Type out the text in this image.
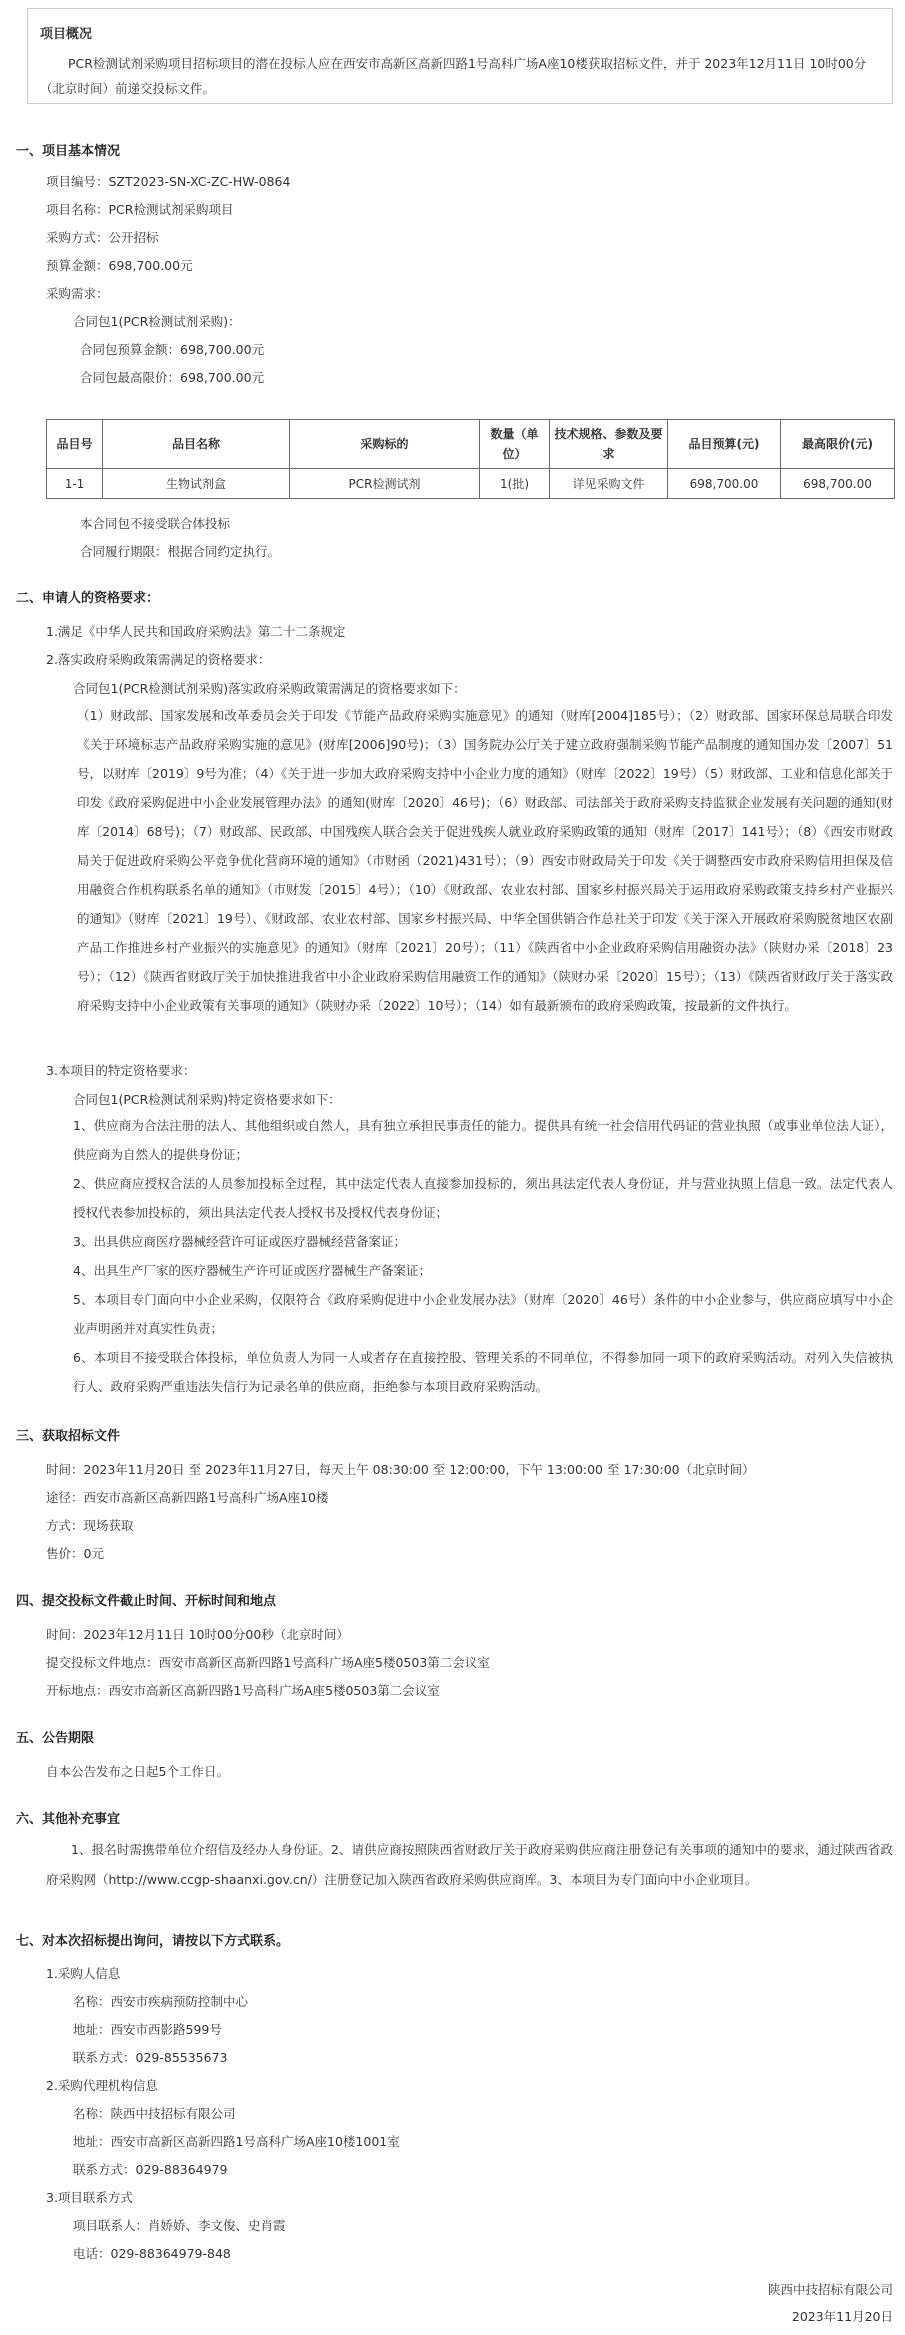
项目概况
PCR检测试剂采购项目招标项目的潜在投标人应在西安市高新区高新四路1号高科广场A座10楼获取招标文件，并于 2023年12月11日 10时00分（北京时间）前递交投标文件。
一、项目基本情况
项目编号：SZT2023-SN-XC-ZC-HW-0864
项目名称：PCR检测试剂采购项目
采购方式：公开招标
预算金额：698,700.00元
采购需求：
合同包1(PCR检测试剂采购)：
合同包预算金额：698,700.00元
合同包最高限价：698,700.00元
品目号	品目名称	采购标的	数量（单位）	技术规格、参数及要求	品目预算(元)	最高限价(元)
1-1	生物试剂盒	PCR检测试剂	1(批)	详见采购文件	698,700.00	698,700.00
本合同包不接受联合体投标
合同履行期限：根据合同约定执行。
二、申请人的资格要求：
1.满足《中华人民共和国政府采购法》第二十二条规定
2.落实政府采购政策需满足的资格要求：
合同包1(PCR检测试剂采购)落实政府采购政策需满足的资格要求如下：
（1）财政部、国家发展和改革委员会关于印发《节能产品政府采购实施意见》的通知（财库[2004]185号）；（2）财政部、国家环保总局联合印发《关于环境标志产品政府采购实施的意见》(财库[2006]90号)；（3）国务院办公厅关于建立政府强制采购节能产品制度的通知国办发〔2007〕51号，以财库〔2019〕9号为准；（4）《关于进一步加大政府采购支持中小企业力度的通知》（财库〔2022〕19号）（5）财政部、工业和信息化部关于印发《政府采购促进中小企业发展管理办法》的通知(财库〔2020〕46号)；（6）财政部、司法部关于政府采购支持监狱企业发展有关问题的通知(财库〔2014〕68号)；（7）财政部、民政部、中国残疾人联合会关于促进残疾人就业政府采购政策的通知（财库〔2017〕141号）；（8）《西安市财政局关于促进政府采购公平竞争优化营商环境的通知》（市财函（2021)431号）；（9）西安市财政局关于印发《关于调整西安市政府采购信用担保及信用融资合作机构联系名单的通知》（市财发〔2015〕4号）；（10）《财政部、农业农村部、国家乡村振兴局关于运用政府采购政策支持乡村产业振兴的通知》（财库〔2021〕19号）、《财政部、农业农村部、国家乡村振兴局、中华全国供销合作总社关于印发《关于深入开展政府采购脱贫地区农副产品工作推进乡村产业振兴的实施意见》的通知》（财库〔2021〕20号）；（11）《陕西省中小企业政府采购信用融资办法》（陕财办采〔2018〕23号）；（12）《陕西省财政厅关于加快推进我省中小企业政府采购信用融资工作的通知》（陕财办采〔2020〕15号）；（13）《陕西省财政厅关于落实政府采购支持中小企业政策有关事项的通知》（陕财办采〔2022〕10号）；（14）如有最新颁布的政府采购政策，按最新的文件执行。
3.本项目的特定资格要求：
合同包1(PCR检测试剂采购)特定资格要求如下：
1、供应商为合法注册的法人、其他组织或自然人，具有独立承担民事责任的能力。提供具有统一社会信用代码证的营业执照（或事业单位法人证），供应商为自然人的提供身份证；
2、供应商应授权合法的人员参加投标全过程，其中法定代表人直接参加投标的，须出具法定代表人身份证，并与营业执照上信息一致。法定代表人授权代表参加投标的，须出具法定代表人授权书及授权代表身份证；
3、出具供应商医疗器械经营许可证或医疗器械经营备案证；
4、出具生产厂家的医疗器械生产许可证或医疗器械生产备案证；
5、本项目专门面向中小企业采购，仅限符合《政府采购促进中小企业发展办法》（财库〔2020〕46号）条件的中小企业参与，供应商应填写中小企业声明函并对真实性负责；
6、本项目不接受联合体投标，单位负责人为同一人或者存在直接控股、管理关系的不同单位，不得参加同一项下的政府采购活动。对列入失信被执行人、政府采购严重违法失信行为记录名单的供应商，拒绝参与本项目政府采购活动。
三、获取招标文件
时间：2023年11月20日 至 2023年11月27日，每天上午 08:30:00 至 12:00:00，下午 13:00:00 至 17:30:00（北京时间）
途径：西安市高新区高新四路1号高科广场A座10楼
方式：现场获取
售价：0元
四、提交投标文件截止时间、开标时间和地点
时间：2023年12月11日 10时00分00秒（北京时间）
提交投标文件地点：西安市高新区高新四路1号高科广场A座5楼0503第二会议室
开标地点：西安市高新区高新四路1号高科广场A座5楼0503第二会议室
五、公告期限
自本公告发布之日起5个工作日。
六、其他补充事宜
1、报名时需携带单位介绍信及经办人身份证。2、请供应商按照陕西省财政厅关于政府采购供应商注册登记有关事项的通知中的要求，通过陕西省政府采购网（http://www.ccgp-shaanxi.gov.cn/）注册登记加入陕西省政府采购供应商库。3、本项目为专门面向中小企业项目。
七、对本次招标提出询问，请按以下方式联系。
1.采购人信息
名称：西安市疾病预防控制中心
地址：西安市西影路599号
联系方式：029-85535673
2.采购代理机构信息
名称：陕西中技招标有限公司
地址：西安市高新区高新四路1号高科广场A座10楼1001室
联系方式：029-88364979
3.项目联系方式
项目联系人：肖娇娇、李文俊、史肖霞
电话：029-88364979-848
陕西中技招标有限公司
2023年11月20日
